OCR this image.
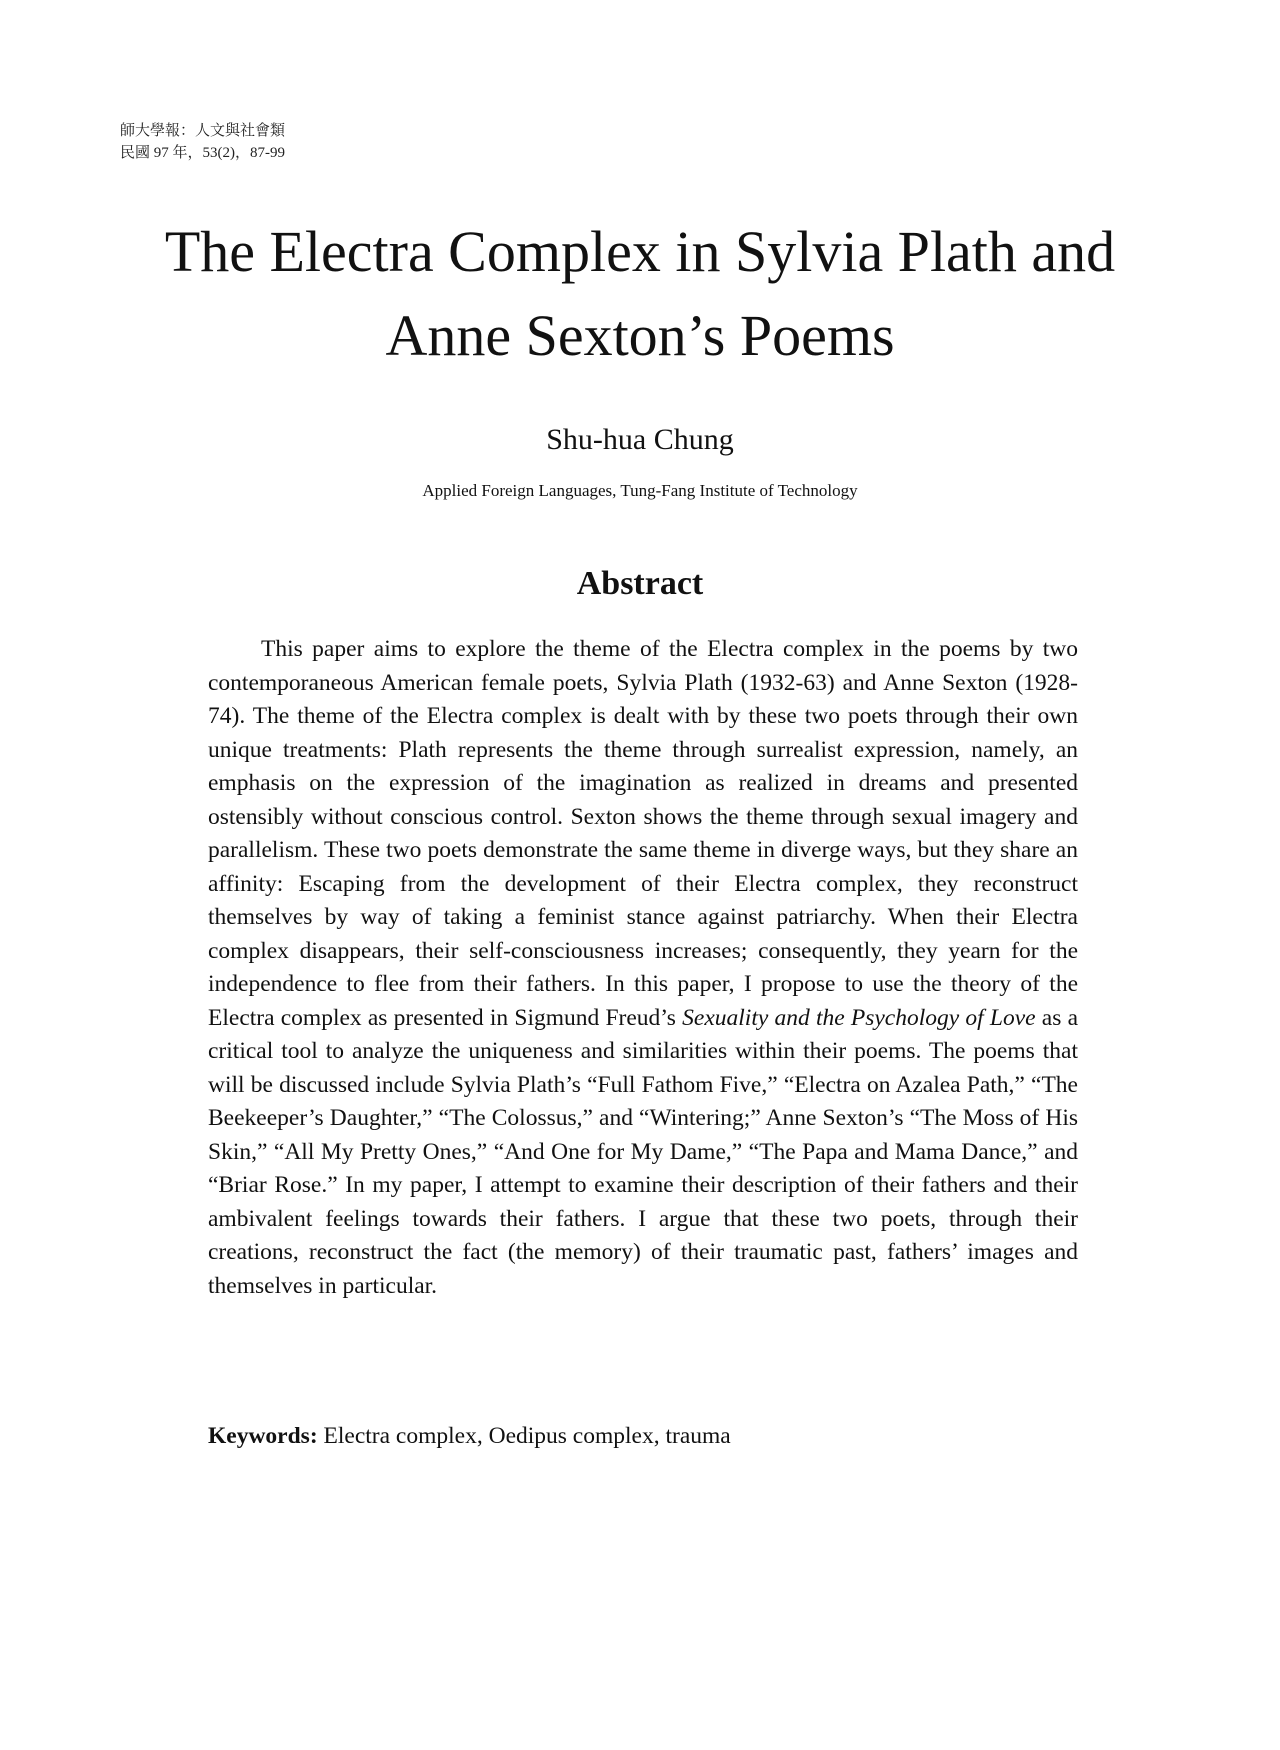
師大學報：人文與社會類
民國 97 年，53(2)，87-99
The Electra Complex in Sylvia Plath and
Anne Sexton’s Poems
Shu-hua Chung
Applied Foreign Languages, Tung-Fang Institute of Technology
Abstract

This paper aims to explore the theme of the Electra complex in the poems by two contemporaneous American female poets, Sylvia Plath (1932-63) and Anne Sexton (1928-74). The theme of the Electra complex is dealt with by these two poets through their own unique treatments: Plath represents the theme through surrealist expression, namely, an emphasis on the expression of the imagination as realized in dreams and presented ostensibly without conscious control. Sexton shows the theme through sexual imagery and parallelism. These two poets demonstrate the same theme in diverge ways, but they share an affinity: Escaping from the development of their Electra complex, they reconstruct themselves by way of taking a feminist stance against patriarchy. When their Electra complex disappears, their self-consciousness increases; consequently, they yearn for the independence to flee from their fathers. In this paper, I propose to use the theory of the Electra complex as presented in Sigmund Freud’s Sexuality and the Psychology of Love as a critical tool to analyze the uniqueness and similarities within their poems. The poems that will be discussed include Sylvia Plath’s “Full Fathom Five,” “Electra on Azalea Path,” “The Beekeeper’s Daughter,” “The Colossus,” and “Wintering;” Anne Sexton’s “The Moss of His Skin,” “All My Pretty Ones,” “And One for My Dame,” “The Papa and Mama Dance,” and “Briar Rose.” In my paper, I attempt to examine their description of their fathers and their ambivalent feelings towards their fathers. I argue that these two poets, through their creations, reconstruct the fact (the memory) of their traumatic past, fathers’ images and themselves in particular.

Keywords: Electra complex, Oedipus complex, trauma
